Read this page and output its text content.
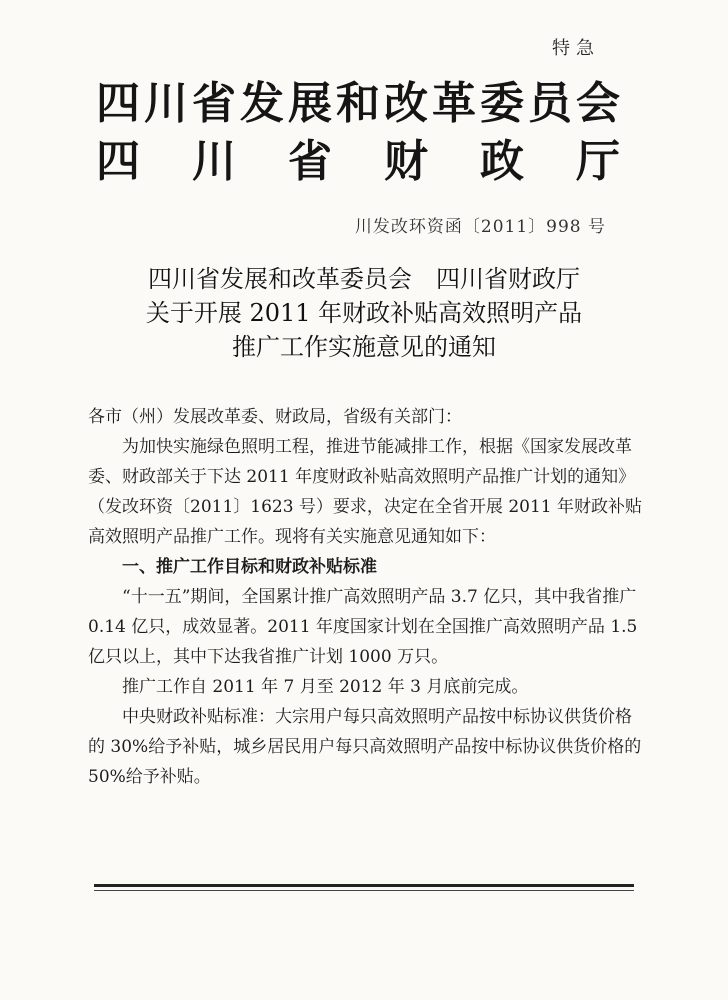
特急
四 川 省 发 展 和 改 革 委 员 会
四 川 省 财 政 厅
川发改环资函〔2011〕998 号
四川省发展和改革委员会　四川省财政厅
关于开展 2011 年财政补贴高效照明产品
推广工作实施意见的通知

各市（州）发展改革委、财政局，省级有关部门：

为加快实施绿色照明工程，推进节能减排工作，根据《国家发展改革委、财政部关于下达 2011 年度财政补贴高效照明产品推广计划的通知》（发改环资〔2011〕1623 号）要求，决定在全省开展 2011 年财政补贴高效照明产品推广工作。现将有关实施意见通知如下：

一、推广工作目标和财政补贴标准

“十一五”期间，全国累计推广高效照明产品 3.7 亿只，其中我省推广 0.14 亿只，成效显著。2011 年度国家计划在全国推广高效照明产品 1.5 亿只以上，其中下达我省推广计划 1000 万只。

推广工作自 2011 年 7 月至 2012 年 3 月底前完成。

中央财政补贴标准：大宗用户每只高效照明产品按中标协议供货价格的 30%给予补贴，城乡居民用户每只高效照明产品按中标协议供货价格的 50%给予补贴。
